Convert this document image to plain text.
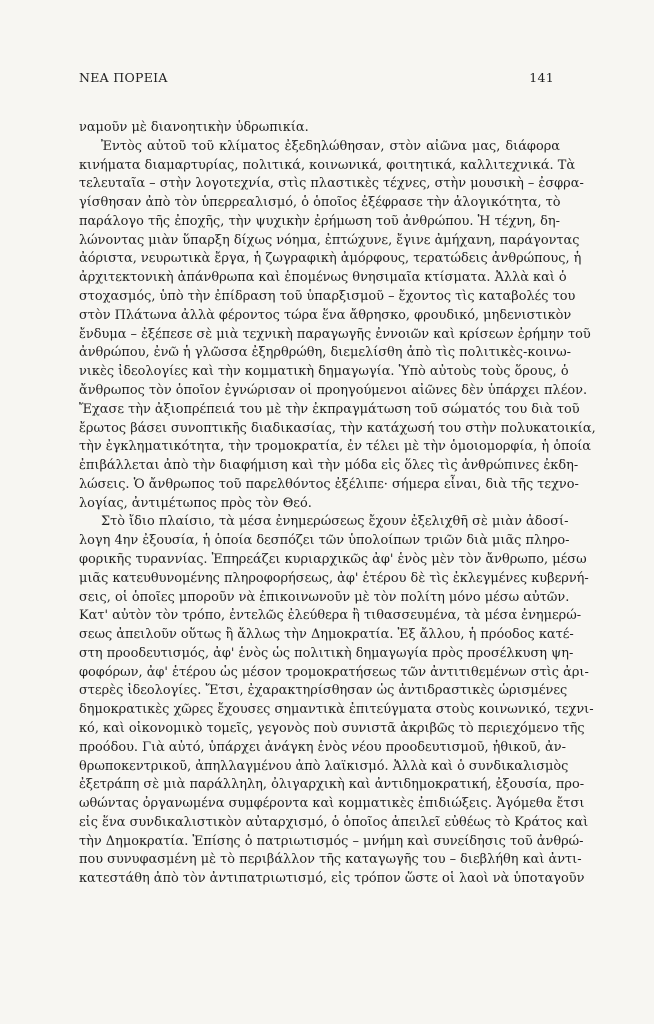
ΝΕΑ ΠΟΡΕΙΑ	141
ναμοῦν μὲ διανοητικὴν ὑδρωπικία.
Ἐντὸς αὐτοῦ τοῦ κλίματος ἐξεδηλώθησαν, στὸν αἰῶνα μας, διάφορα
κινήματα διαμαρτυρίας, πολιτικά, κοινωνικά, φοιτητικά, καλλιτεχνικά. Τὰ
τελευταῖα – στὴν λογοτεχνία, στὶς πλαστικὲς τέχνες, στὴν μουσικὴ – ἐσφρα-
γίσθησαν ἀπὸ τὸν ὑπερρεαλισμό, ὁ ὁποῖος ἐξέφρασε τὴν ἀλογικότητα, τὸ
παράλογο τῆς ἐποχῆς, τὴν ψυχικὴν ἐρήμωση τοῦ ἀνθρώπου. Ἡ τέχνη, δη-
λώνοντας μιὰν ὕπαρξη δίχως νόημα, ἐπτώχυνε, ἔγινε ἀμήχανη, παράγοντας
ἀόριστα, νευρωτικὰ ἔργα, ἡ ζωγραφικὴ ἀμόρφους, τερατώδεις ἀνθρώπους, ἡ
ἀρχιτεκτονικὴ ἀπάνθρωπα καὶ ἑπομένως θνησιμαῖα κτίσματα. Ἀλλὰ καὶ ὁ
στοχασμός, ὑπὸ τὴν ἐπίδραση τοῦ ὑπαρξισμοῦ – ἔχοντος τὶς καταβολές του
στὸν Πλάτωνα ἀλλὰ φέροντος τώρα ἕνα ἄθρησκο, φρουδικό, μηδενιστικὸν
ἔνδυμα – ἐξέπεσε σὲ μιὰ τεχνικὴ παραγωγῆς ἐννοιῶν καὶ κρίσεων ἐρήμην τοῦ
ἀνθρώπου, ἐνῶ ἡ γλῶσσα ἐξηρθρώθη, διεμελίσθη ἀπὸ τὶς πολιτικὲς-κοινω-
νικὲς ἰδεολογίες καὶ τὴν κομματικὴ δημαγωγία. Ὑπὸ αὐτοὺς τοὺς ὅρους, ὁ
ἄνθρωπος τὸν ὁποῖον ἐγνώρισαν οἱ προηγούμενοι αἰῶνες δὲν ὑπάρχει πλέον.
Ἔχασε τὴν ἀξιοπρέπειά του μὲ τὴν ἐκπραγμάτωση τοῦ σώματός του διὰ τοῦ
ἔρωτος βάσει συνοπτικῆς διαδικασίας, τὴν κατάχωσή του στὴν πολυκατοικία,
τὴν ἐγκληματικότητα, τὴν τρομοκρατία, ἐν τέλει μὲ τὴν ὁμοιομορφία, ἡ ὁποία
ἐπιβάλλεται ἀπὸ τὴν διαφήμιση καὶ τὴν μόδα εἰς ὅλες τὶς ἀνθρώπινες ἐκδη-
λώσεις. Ὁ ἄνθρωπος τοῦ παρελθόντος ἐξέλιπε· σήμερα εἶναι, διὰ τῆς τεχνο-
λογίας, ἀντιμέτωπος πρὸς τὸν Θεό.
Στὸ ἴδιο πλαίσιο, τὰ μέσα ἐνημερώσεως ἔχουν ἐξελιχθῆ σὲ μιὰν ἀδοσί-
λογη 4ην ἐξουσία, ἡ ὁποία δεσπόζει τῶν ὑπολοίπων τριῶν διὰ μιᾶς πληρο-
φορικῆς τυραννίας. Ἐπηρεάζει κυριαρχικῶς ἀφ' ἑνὸς μὲν τὸν ἄνθρωπο, μέσω
μιᾶς κατευθυνομένης πληροφορήσεως, ἀφ' ἑτέρου δὲ τὶς ἐκλεγμένες κυβερνή-
σεις, οἱ ὁποῖες μποροῦν νὰ ἐπικοινωνοῦν μὲ τὸν πολίτη μόνο μέσω αὐτῶν.
Κατ' αὐτὸν τὸν τρόπο, ἐντελῶς ἐλεύθερα ἢ τιθασσευμένα, τὰ μέσα ἐνημερώ-
σεως ἀπειλοῦν οὕτως ἢ ἄλλως τὴν Δημοκρατία. Ἐξ ἄλλου, ἡ πρόοδος κατέ-
στη προοδευτισμός, ἀφ' ἑνὸς ὡς πολιτικὴ δημαγωγία πρὸς προσέλκυση ψη-
φοφόρων, ἀφ' ἑτέρου ὡς μέσον τρομοκρατήσεως τῶν ἀντιτιθεμένων στὶς ἀρι-
στερὲς ἰδεολογίες. Ἔτσι, ἐχαρακτηρίσθησαν ὡς ἀντιδραστικὲς ὡρισμένες
δημοκρατικὲς χῶρες ἔχουσες σημαντικὰ ἐπιτεύγματα στοὺς κοινωνικό, τεχνι-
κό, καὶ οἰκονομικὸ τομεῖς, γεγονὸς ποὺ συνιστᾶ ἀκριβῶς τὸ περιεχόμενο τῆς
προόδου. Γιὰ αὐτό, ὑπάρχει ἀνάγκη ἑνὸς νέου προοδευτισμοῦ, ἠθικοῦ, ἀν-
θρωποκεντρικοῦ, ἀπηλλαγμένου ἀπὸ λαϊκισμό. Ἀλλὰ καὶ ὁ συνδικαλισμὸς
ἐξετράπη σὲ μιὰ παράλληλη, ὀλιγαρχικὴ καὶ ἀντιδημοκρατική, ἐξουσία, προ-
ωθώντας ὀργανωμένα συμφέροντα καὶ κομματικὲς ἐπιδιώξεις. Ἀγόμεθα ἔτσι
εἰς ἕνα συνδικαλιστικὸν αὐταρχισμό, ὁ ὁποῖος ἀπειλεῖ εὐθέως τὸ Κράτος καὶ
τὴν Δημοκρατία. Ἐπίσης ὁ πατριωτισμός – μνήμη καὶ συνείδησις τοῦ ἀνθρώ-
που συνυφασμένη μὲ τὸ περιβάλλον τῆς καταγωγῆς του – διεβλήθη καὶ ἀντι-
κατεστάθη ἀπὸ τὸν ἀντιπατριωτισμό, εἰς τρόπον ὥστε οἱ λαοὶ νὰ ὑποταγοῦν
